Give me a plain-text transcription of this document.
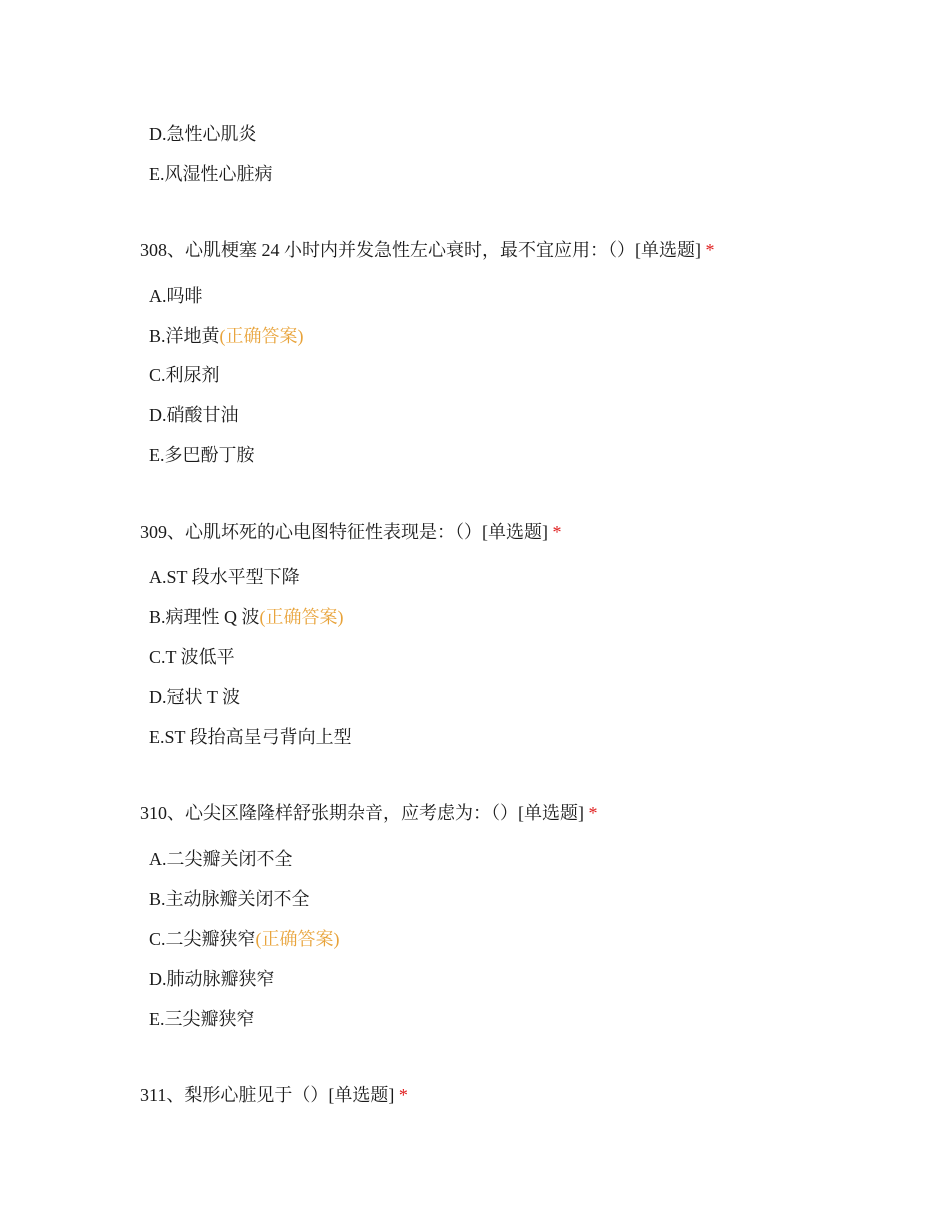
D.急性心肌炎
E.风湿性心脏病
308、心肌梗塞 24 小时内并发急性左心衰时，最不宜应用：（）[单选题] *
A.吗啡
B.洋地黄(正确答案)
C.利尿剂
D.硝酸甘油
E.多巴酚丁胺
309、心肌坏死的心电图特征性表现是：（）[单选题] *
A.ST 段水平型下降
B.病理性 Q 波(正确答案)
C.T 波低平
D.冠状 T 波
E.ST 段抬高呈弓背向上型
310、心尖区隆隆样舒张期杂音，应考虑为：（）[单选题] *
A.二尖瓣关闭不全
B.主动脉瓣关闭不全
C.二尖瓣狭窄(正确答案)
D.肺动脉瓣狭窄
E.三尖瓣狭窄
311、梨形心脏见于（）[单选题] *
